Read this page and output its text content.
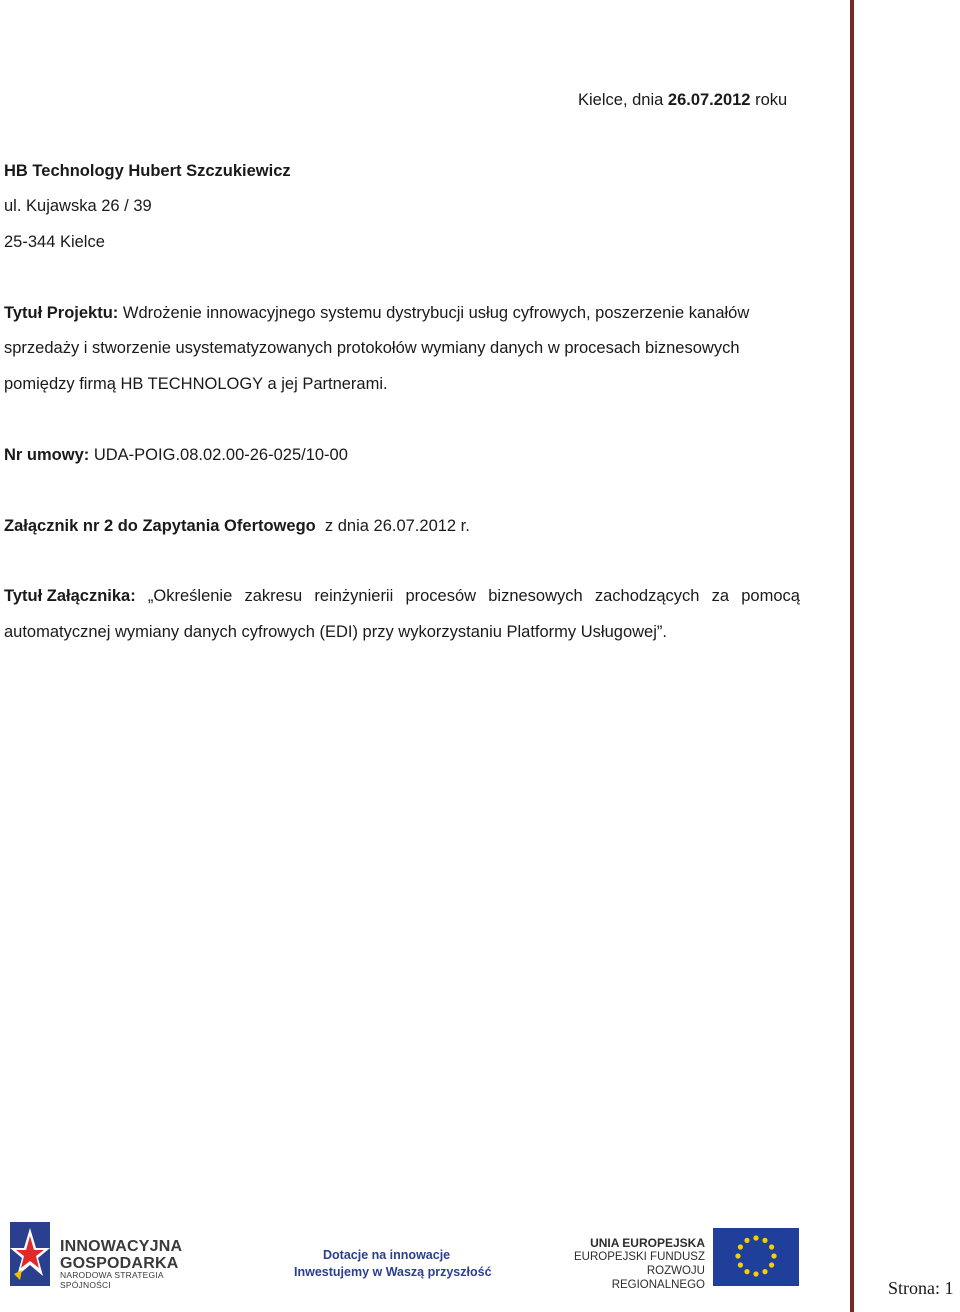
Kielce, dnia 26.07.2012 roku
HB Technology Hubert Szczukiewicz
ul. Kujawska 26 / 39
25-344 Kielce
Tytuł Projektu: Wdrożenie innowacyjnego systemu dystrybucji usług cyfrowych, poszerzenie kanałów
sprzedaży i stworzenie usystematyzowanych protokołów wymiany danych w procesach biznesowych
pomiędzy firmą HB TECHNOLOGY a jej Partnerami.
Nr umowy: UDA-POIG.08.02.00-26-025/10-00
Załącznik nr 2 do Zapytania Ofertowego  z dnia 26.07.2012 r.
Tytuł Załącznika: „Określenie zakresu reinżynierii procesów biznesowych zachodzących za pomocą
automatycznej wymiany danych cyfrowych (EDI) przy wykorzystaniu Platformy Usługowej”.
INNOWACYJNA
GOSPODARKA
NARODOWA STRATEGIA SPÓJNOŚCI
Dotacje na innowacje
Inwestujemy w Waszą przyszłość
UNIA EUROPEJSKA
EUROPEJSKI FUNDUSZ
ROZWOJU REGIONALNEGO	Strona: 1
